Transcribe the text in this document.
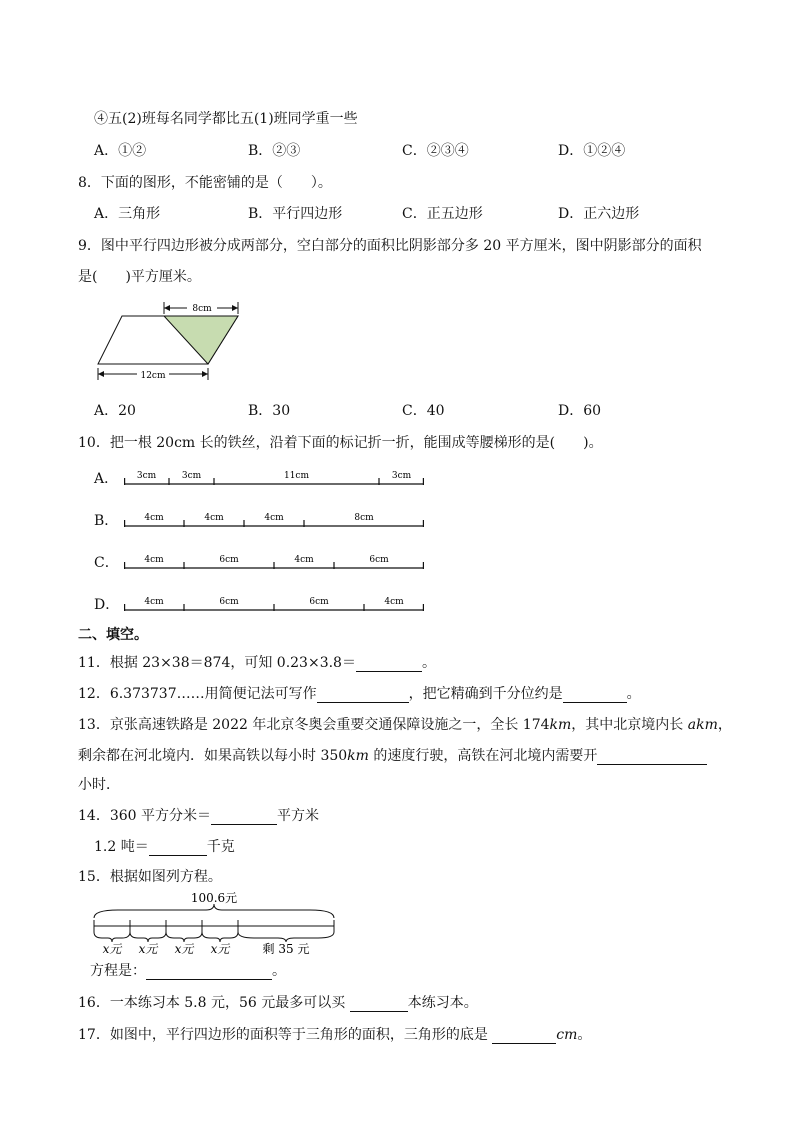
④五(2)班每名同学都比五(1)班同学重一些
A．①②	B．②③	C．②③④	D．①②④
8．下面的图形，不能密铺的是（　　）。
A．三角形	B．平行四边形	C．正五边形	D．正六边形
9．图中平行四边形被分成两部分，空白部分的面积比阴影部分多 20 平方厘米，图中阴影部分的面积
是(　　)平方厘米。
8cm
12cm
A．20	B．30	C．40	D．60
10．把一根 20cm 长的铁丝，沿着下面的标记折一折，能围成等腰梯形的是(　　)。
A． 3cm	3cm	11cm	3cm
B．	4cm	4cm	4cm	8cm
C．	4cm	6cm	4cm	6cm
D．	4cm	6cm	6cm	4cm
二、填空。
11．根据 23×38＝874，可知 0.23×3.8＝	。
12．6.373737……用简便记法可写作	，把它精确到千分位约是	。
13．京张高速铁路是 2022 年北京冬奥会重要交通保障设施之一，全长 174km，其中北京境内长 akm，
剩余都在河北境内．如果高铁以每小时 350km 的速度行驶，高铁在河北境内需要开
小时．
14．360 平方分米＝	平方米
1.2 吨＝	千克
15．根据如图列方程。
100.6元
x元 x元 x元 x元	剩 35 元
方程是：	。
16．一本练习本 5.8 元，56 元最多可以买	本练习本。
17．如图中，平行四边形的面积等于三角形的面积，三角形的底是	cm。
